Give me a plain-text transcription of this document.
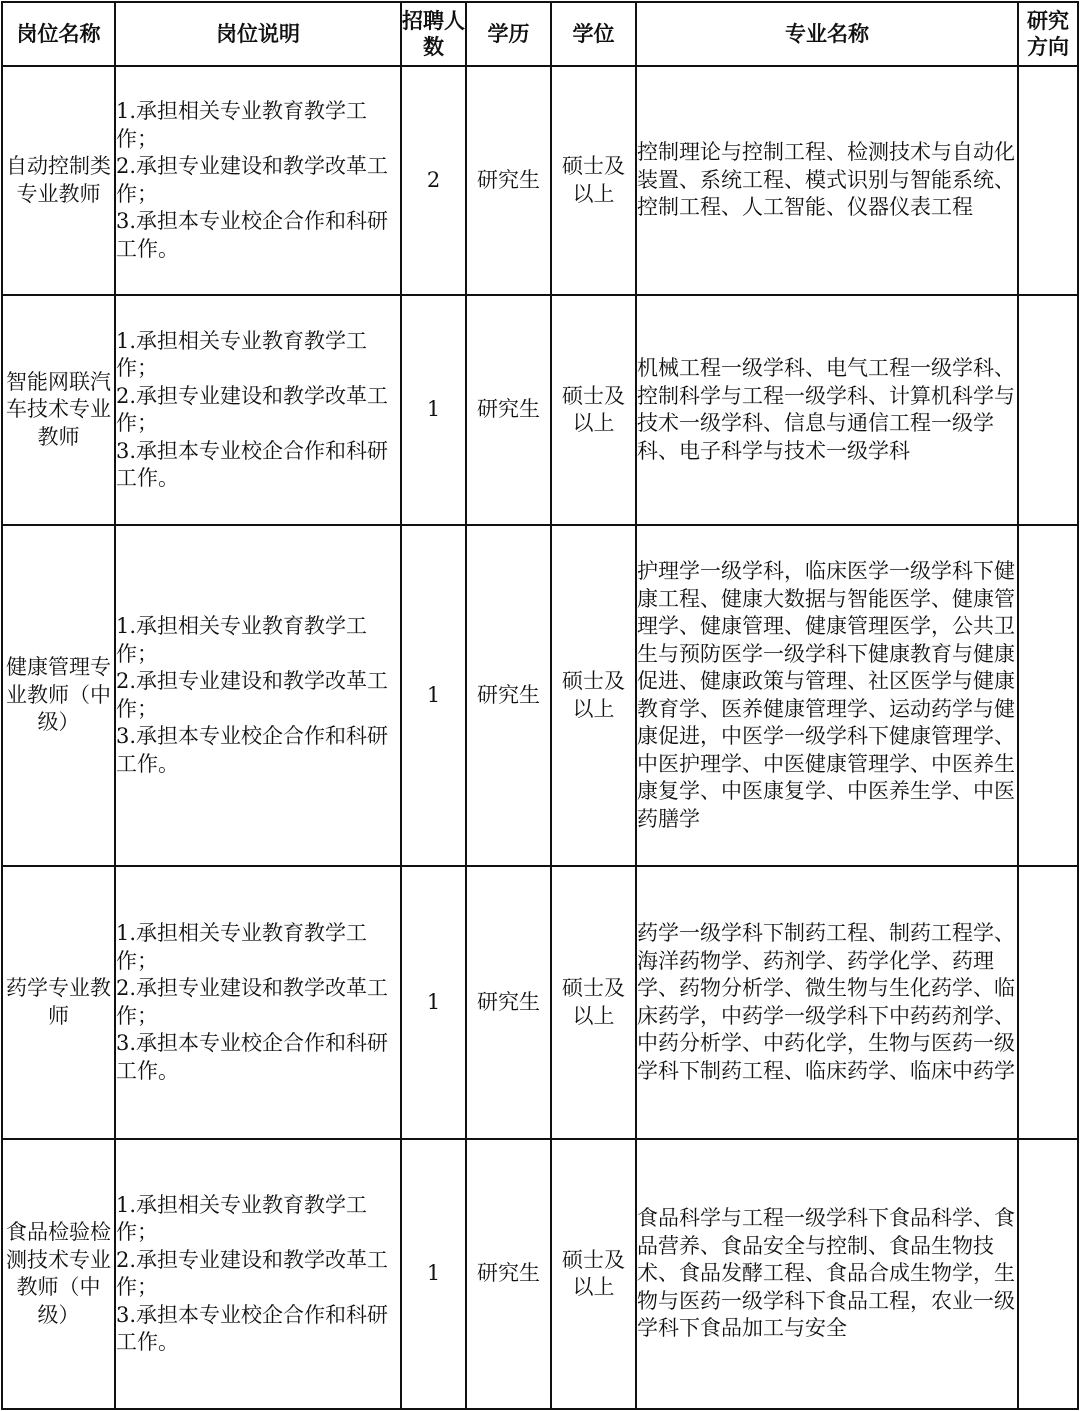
岗位名称	岗位说明	招聘人数	学历	学位	专业名称	研究方向
自动控制类专业教师	1.承担相关专业教育教学工作；
2.承担专业建设和教学改革工作；
3.承担本专业校企合作和科研工作。	2	研究生	硕士及以上	控制理论与控制工程、检测技术与自动化装置、系统工程、模式识别与智能系统、控制工程、人工智能、仪器仪表工程	
智能网联汽车技术专业教师	1.承担相关专业教育教学工作；
2.承担专业建设和教学改革工作；
3.承担本专业校企合作和科研工作。	1	研究生	硕士及以上	机械工程一级学科、电气工程一级学科、控制科学与工程一级学科、计算机科学与技术一级学科、信息与通信工程一级学科、电子科学与技术一级学科	
健康管理专业教师（中级）	1.承担相关专业教育教学工作；
2.承担专业建设和教学改革工作；
3.承担本专业校企合作和科研工作。	1	研究生	硕士及以上	护理学一级学科，临床医学一级学科下健康工程、健康大数据与智能医学、健康管理学、健康管理、健康管理医学，公共卫生与预防医学一级学科下健康教育与健康促进、健康政策与管理、社区医学与健康教育学、医养健康管理学、运动药学与健康促进，中医学一级学科下健康管理学、中医护理学、中医健康管理学、中医养生康复学、中医康复学、中医养生学、中医药膳学	
药学专业教师	1.承担相关专业教育教学工作；
2.承担专业建设和教学改革工作；
3.承担本专业校企合作和科研工作。	1	研究生	硕士及以上	药学一级学科下制药工程、制药工程学、海洋药物学、药剂学、药学化学、药理学、药物分析学、微生物与生化药学、临床药学，中药学一级学科下中药药剂学、中药分析学、中药化学，生物与医药一级学科下制药工程、临床药学、临床中药学	
食品检验检测技术专业教师（中级）	1.承担相关专业教育教学工作；
2.承担专业建设和教学改革工作；
3.承担本专业校企合作和科研工作。	1	研究生	硕士及以上	食品科学与工程一级学科下食品科学、食品营养、食品安全与控制、食品生物技术、食品发酵工程、食品合成生物学，生物与医药一级学科下食品工程，农业一级学科下食品加工与安全	
